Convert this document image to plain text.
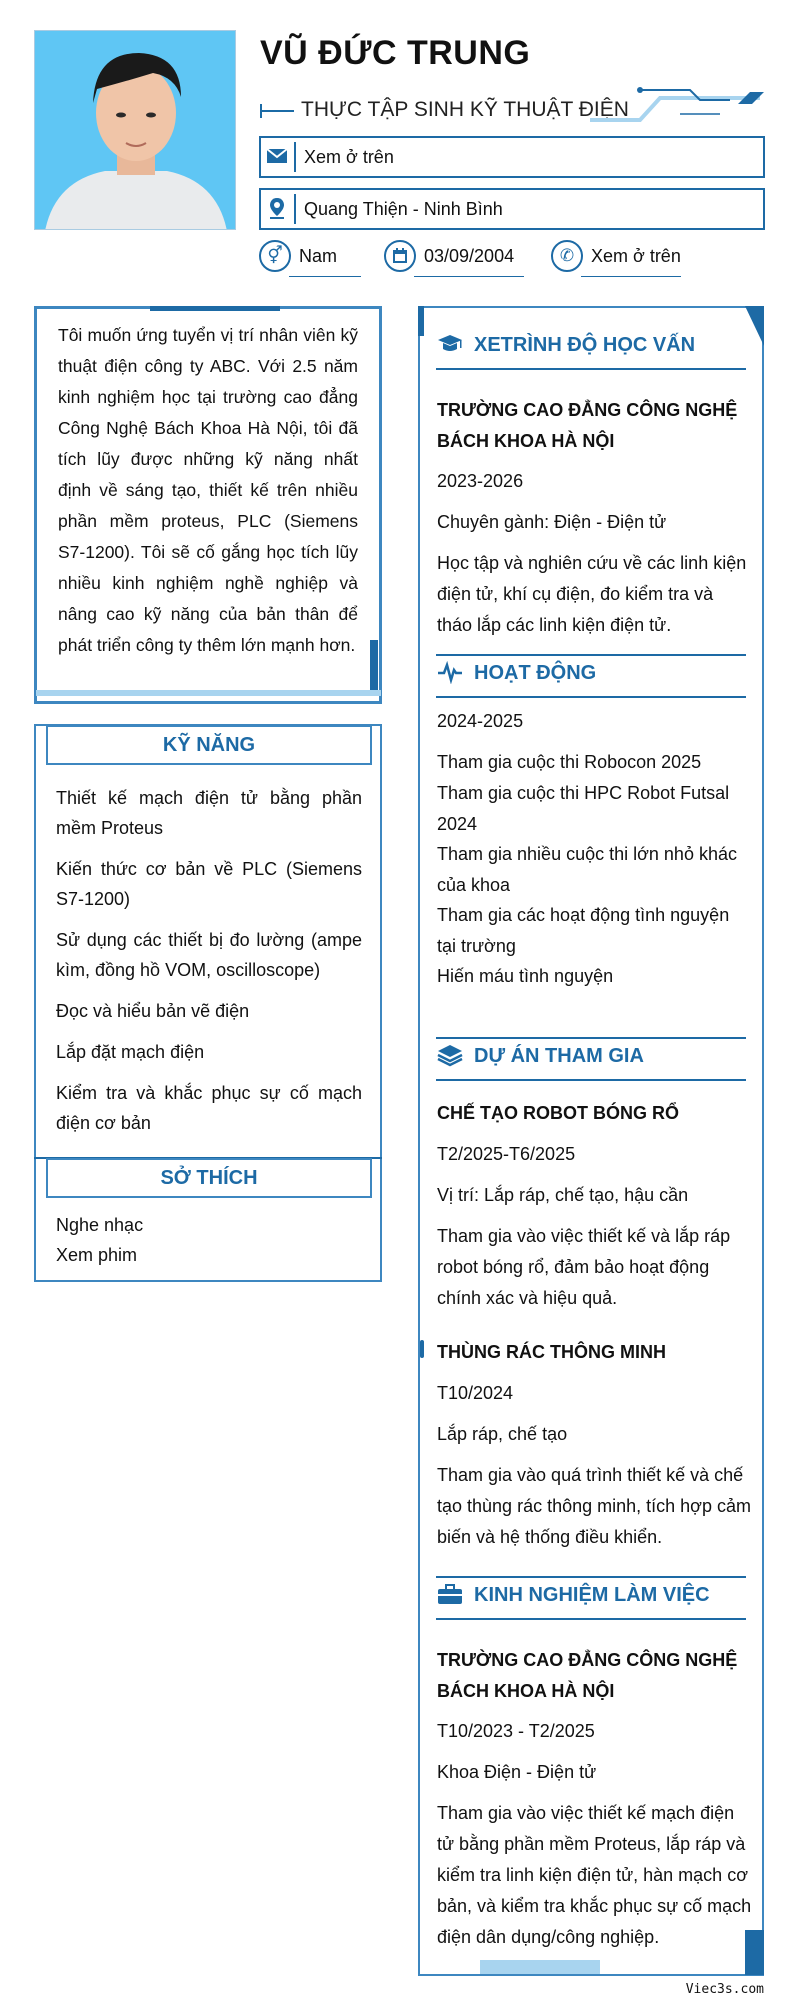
VŨ ĐỨC TRUNG
THỰC TẬP SINH KỸ THUẬT ĐIỆN
Xem ở trên
Quang Thiện - Ninh Bình
⚥ Nam	03/09/2004	✆ Xem ở trên
Tôi muốn ứng tuyển vị trí nhân viên kỹ thuật điện công ty ABC. Với 2.5 năm kinh nghiệm học tại trường cao đẳng Công Nghệ Bách Khoa Hà Nội, tôi đã tích lũy được những kỹ năng nhất định về sáng tạo, thiết kế trên nhiều phần mềm proteus, PLC (Siemens S7-1200). Tôi sẽ cố gắng học tích lũy nhiều kinh nghiệm nghề nghiệp và nâng cao kỹ năng của bản thân để phát triển công ty thêm lớn mạnh hơn.
KỸ NĂNG
Thiết kế mạch điện tử bằng phần mềm Proteus
Kiến thức cơ bản về PLC (Siemens S7-1200)
Sử dụng các thiết bị đo lường (ampe kìm, đồng hồ VOM, oscilloscope)
Đọc và hiểu bản vẽ điện
Lắp đặt mạch điện
Kiểm tra và khắc phục sự cố mạch điện cơ bản
SỞ THÍCH
Nghe nhạc
Xem phim
XETRÌNH ĐỘ HỌC VẤN
TRƯỜNG CAO ĐẲNG CÔNG NGHỆ BÁCH KHOA HÀ NỘI
2023-2026
Chuyên gành: Điện - Điện tử
Học tập và nghiên cứu về các linh kiện điện tử, khí cụ điện, đo kiểm tra và tháo lắp các linh kiện điện tử.
HOẠT ĐỘNG
2024-2025
Tham gia cuộc thi Robocon 2025
Tham gia cuộc thi HPC Robot Futsal 2024
Tham gia nhiều cuộc thi lớn nhỏ khác của khoa
Tham gia các hoạt động tình nguyện tại trường
Hiến máu tình nguyện
DỰ ÁN THAM GIA
CHẾ TẠO ROBOT BÓNG RỔ
T2/2025-T6/2025
Vị trí: Lắp ráp, chế tạo, hậu cần
Tham gia vào việc thiết kế và lắp ráp robot bóng rổ, đảm bảo hoạt động chính xác và hiệu quả.
THÙNG RÁC THÔNG MINH
T10/2024
Lắp ráp, chế tạo
Tham gia vào quá trình thiết kế và chế tạo thùng rác thông minh, tích hợp cảm biến và hệ thống điều khiển.
KINH NGHIỆM LÀM VIỆC
TRƯỜNG CAO ĐẲNG CÔNG NGHỆ BÁCH KHOA HÀ NỘI
T10/2023 - T2/2025
Khoa Điện - Điện tử
Tham gia vào việc thiết kế mạch điện tử bằng phần mềm Proteus, lắp ráp và kiểm tra linh kiện điện tử, hàn mạch cơ bản, và kiểm tra khắc phục sự cố mạch điện dân dụng/công nghiệp.
Viec3s.com
